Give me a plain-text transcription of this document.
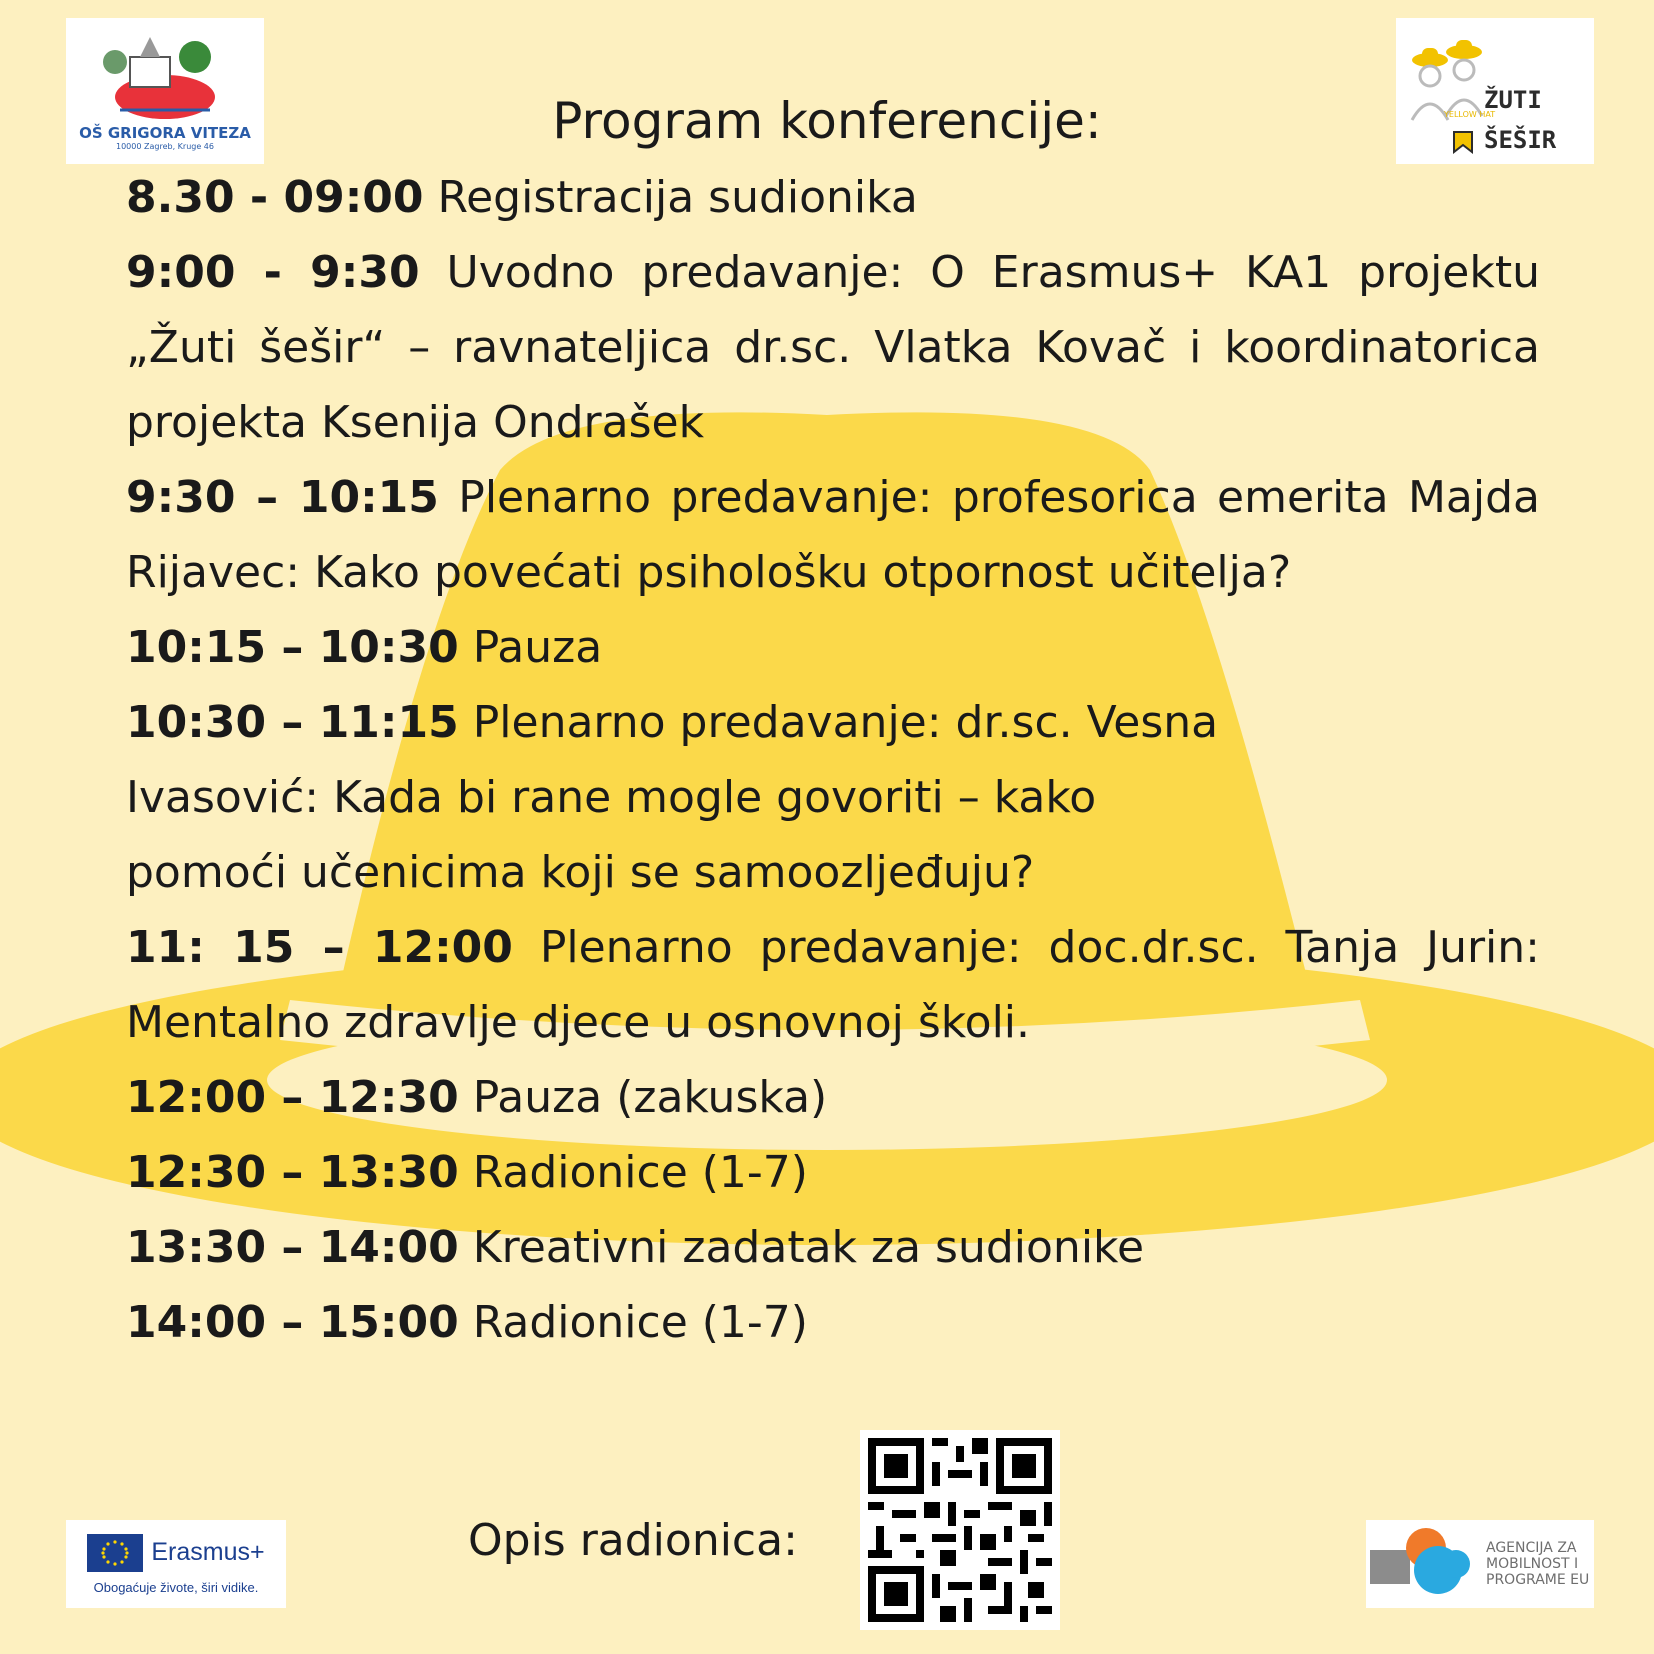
OŠ GRIGORA VITEZA
10000 Zagreb, Kruge 46
YELLOW HAT
ŽUTI
ŠEŠIR
Program konferencije:
8.30 - 09:00 Registracija sudionika
9:00 - 9:30 Uvodno predavanje: O Erasmus+ KA1 projektu „Žuti šešir“ – ravnateljica dr.sc. Vlatka Kovač i koordinatorica projekta Ksenija Ondrašek
9:30 – 10:15 Plenarno predavanje: profesorica emerita Majda Rijavec: Kako povećati psihološku otpornost učitelja?
10:15 – 10:30 Pauza
10:30 – 11:15 Plenarno predavanje: dr.sc. Vesna Ivasović: Kada bi rane mogle govoriti – kako pomoći učenicima koji se samoozljeđuju?
11: 15 – 12:00 Plenarno predavanje: doc.dr.sc. Tanja Jurin: Mentalno zdravlje djece u osnovnoj školi.
12:00 – 12:30 Pauza (zakuska)
12:30 – 13:30 Radionice (1-7)
13:30 – 14:00 Kreativni zadatak za sudionike
14:00 – 15:00 Radionice (1-7)
Opis radionica:
Erasmus+
Obogaćuje živote, širi vidike.
AGENCIJA ZA
MOBILNOST I
PROGRAME EU
